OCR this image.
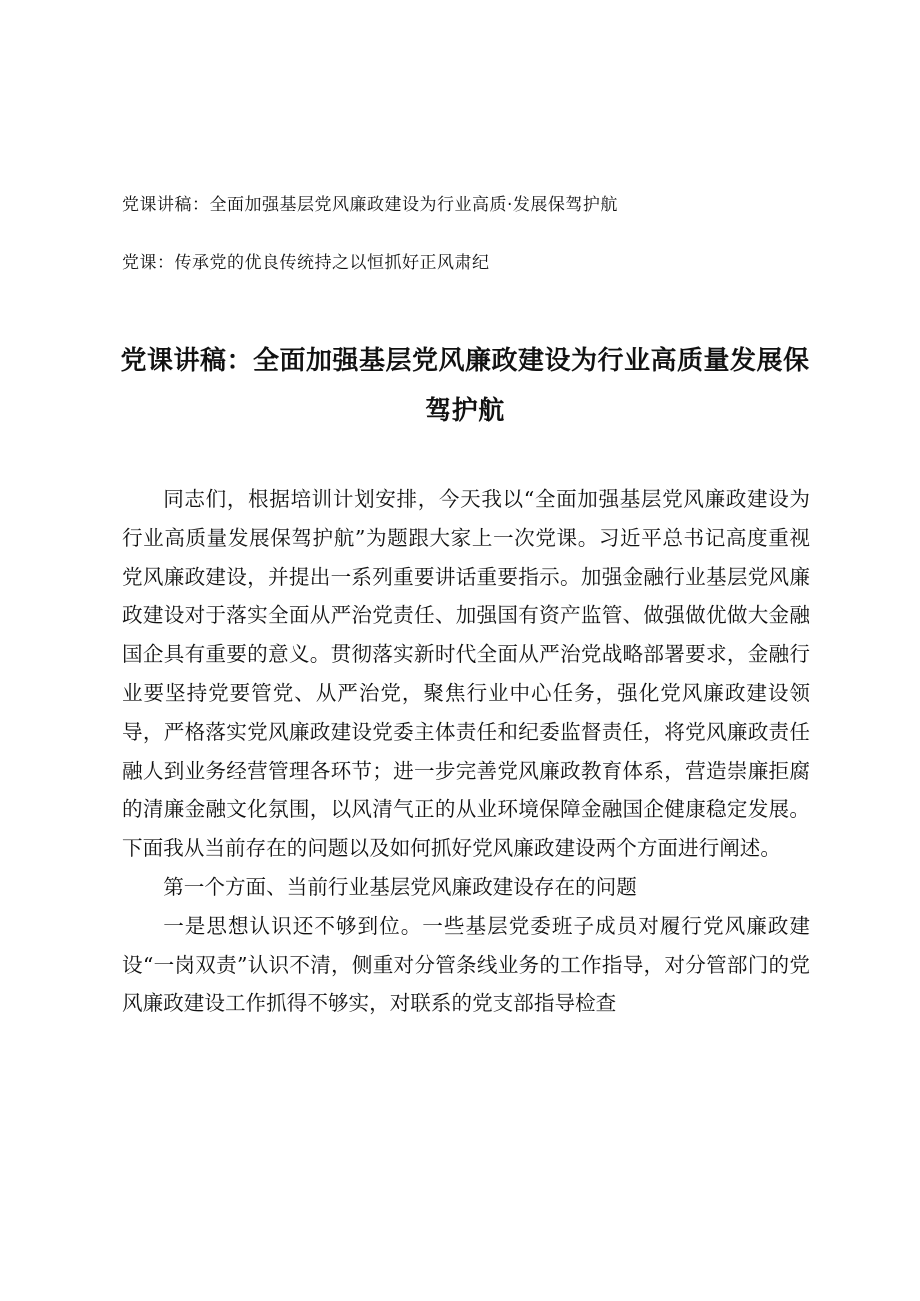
党课讲稿：全面加强基层党风廉政建设为行业高质·发展保驾护航
党课：传承党的优良传统持之以恒抓好正风肃纪
党课讲稿：全面加强基层党风廉政建设为行业高质量发展保驾护航

同志们，根据培训计划安排，今天我以“全面加强基层党风廉政建设为行业高质量发展保驾护航”为题跟大家上一次党课。习近平总书记高度重视党风廉政建设，并提出一系列重要讲话重要指示。加强金融行业基层党风廉政建设对于落实全面从严治党责任、加强国有资产监管、做强做优做大金融国企具有重要的意义。贯彻落实新时代全面从严治党战略部署要求，金融行业要坚持党要管党、从严治党，聚焦行业中心任务，强化党风廉政建设领导，严格落实党风廉政建设党委主体责任和纪委监督责任，将党风廉政责任融人到业务经营管理各环节；进一步完善党风廉政教育体系，营造崇廉拒腐的清廉金融文化氛围，以风清气正的从业环境保障金融国企健康稳定发展。下面我从当前存在的问题以及如何抓好党风廉政建设两个方面进行阐述。

第一个方面、当前行业基层党风廉政建设存在的问题

一是思想认识还不够到位。一些基层党委班子成员对履行党风廉政建设“一岗双责”认识不清，侧重对分管条线业务的工作指导，对分管部门的党风廉政建设工作抓得不够实，对联系的党支部指导检查
